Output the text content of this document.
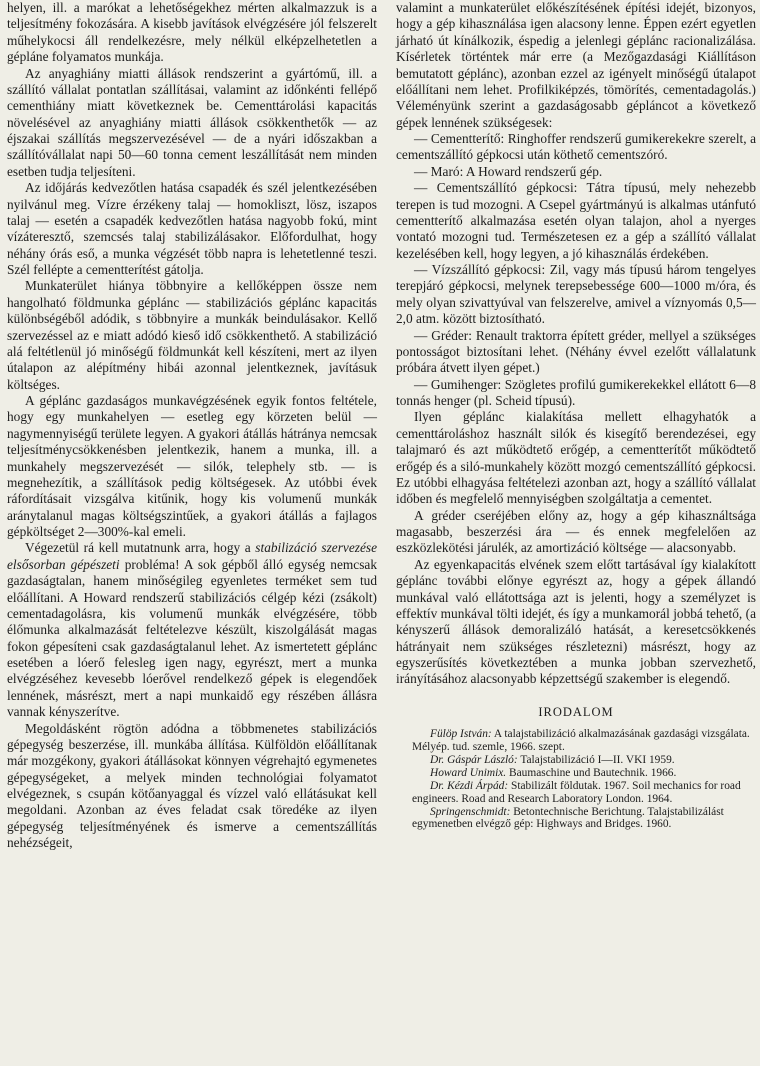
helyen, ill. a marókat a lehetőségekhez mérten alkalmazzuk is a teljesítmény fokozására. A kisebb javítások elvégzésére jól felszerelt műhelykocsi áll rendelkezésre, mely nélkül elképzelhetetlen a gépláne folyamatos munkája.

Az anyaghiány miatti állások rendszerint a gyártómű, ill. a szállító vállalat pontatlan szállításai, valamint az időnkénti fellépő cementhiány miatt következnek be. Cementtárolási kapacitás növelésével az anyaghiány miatti állások csökkenthetők — az éjszakai szállítás megszervezésével — de a nyári időszakban a szállítóvállalat napi 50—60 tonna cement leszállítását nem minden esetben tudja teljesíteni.

Az időjárás kedvezőtlen hatása csapadék és szél jelentkezésében nyilvánul meg. Vízre érzékeny talaj — homokliszt, lösz, iszapos talaj — esetén a csapadék kedvezőtlen hatása nagyobb fokú, mint vízáteresztő, szemcsés talaj stabilizálásakor. Előfordulhat, hogy néhány órás eső, a munka végzését több napra is lehetetlenné teszi. Szél fellépte a cementterítést gátolja.

Munkaterület hiánya többnyire a kellőképpen össze nem hangolható földmunka géplánc — stabilizációs géplánc kapacitás különbségéből adódik, s többnyire a munkák beindulásakor. Kellő szervezéssel az e miatt adódó kieső idő csökkenthető. A stabilizáció alá feltétlenül jó minőségű földmunkát kell készíteni, mert az ilyen útalapon az alépítmény hibái azonnal jelentkeznek, javításuk költséges.

A géplánc gazdaságos munkavégzésének egyik fontos feltétele, hogy egy munkahelyen — esetleg egy körzeten belül — nagymennyiségű területe legyen. A gyakori átállás hátránya nemcsak teljesítménycsökkenésben jelentkezik, hanem a munka, ill. a munkahely megszervezését — silók, telephely stb. — is megnehezítik, a szállítások pedig költségesek. Az utóbbi évek ráfordításait vizsgálva kitűnik, hogy kis volumenű munkák aránytalanul magas költségszintűek, a gyakori átállás a fajlagos gépköltséget 2—300%-kal emeli.

Végezetül rá kell mutatnunk arra, hogy a stabilizáció szervezése elsősorban gépészeti probléma! A sok gépből álló egység nemcsak gazdaságtalan, hanem minőségileg egyenletes terméket sem tud előállítani. A Howard rendszerű stabilizációs célgép kézi (zsákolt) cementadagolásra, kis volumenű munkák elvégzésére, több élőmunka alkalmazását feltételezve készült, kiszolgálását magas fokon gépesíteni csak gazdaságtalanul lehet. Az ismertetett géplánc esetében a lóerő felesleg igen nagy, egyrészt, mert a munka elvégzéséhez kevesebb lóerővel rendelkező gépek is elegendőek lennének, másrészt, mert a napi munkaidő egy részében állásra vannak kényszerítve.

Megoldásként rögtön adódna a többmenetes stabilizációs gépegység beszerzése, ill. munkába állítása. Külföldön előállítanak már mozgékony, gyakori átállásokat könnyen végrehajtó egymenetes gépegységeket, a melyek minden technológiai folyamatot elvégeznek, s csupán kötőanyaggal és vízzel való ellátásukat kell megoldani. Azonban az éves feladat csak töredéke az ilyen gépegység teljesítményének és ismerve a cementszállítás nehézségeit,

valamint a munkaterület előkészítésének építési idejét, bizonyos, hogy a gép kihasználása igen alacsony lenne. Éppen ezért egyetlen járható út kínálkozik, éspedig a jelenlegi géplánc racionalizálása. Kísérletek történtek már erre (a Mezőgazdasági Kiállításon bemutatott géplánc), azonban ezzel az igényelt minőségű útalapot előállítani nem lehet. Profilkiképzés, tömörítés, cementadagolás.) Véleményünk szerint a gazdaságosabb gépláncot a következő gépek lennének szükségesek:

— Cementterítő: Ringhoffer rendszerű gumikerekekre szerelt, a cementszállító gépkocsi után köthető cementszóró.

— Maró: A Howard rendszerű gép.

— Cementszállító gépkocsi: Tátra típusú, mely nehezebb terepen is tud mozogni. A Csepel gyártmányú is alkalmas utánfutó cementterítő alkalmazása esetén olyan talajon, ahol a nyerges vontató mozogni tud. Természetesen ez a gép a szállító vállalat kezelésében kell, hogy legyen, a jó kihasználás érdekében.

— Vízszállító gépkocsi: Zil, vagy más típusú három tengelyes terepjáró gépkocsi, melynek terepsebessége 600—1000 m/óra, és mely olyan szivattyúval van felszerelve, amivel a víznyomás 0,5—2,0 atm. között biztosítható.

— Gréder: Renault traktorra épített gréder, mellyel a szükséges pontosságot biztosítani lehet. (Néhány évvel ezelőtt vállalatunk próbára átvett ilyen gépet.)

— Gumihenger: Szögletes profilú gumikerekekkel ellátott 6—8 tonnás henger (pl. Scheid típusú).

Ilyen géplánc kialakítása mellett elhagyhatók a cementtároláshoz használt silók és kisegítő berendezései, egy talajmaró és azt működtető erőgép, a cementterítőt működtető erőgép és a siló-munkahely között mozgó cementszállító gépkocsi. Ez utóbbi elhagyása feltételezi azonban azt, hogy a szállító vállalat időben és megfelelő mennyiségben szolgáltatja a cementet.

A gréder cseréjében előny az, hogy a gép kihasználtsága magasabb, beszerzési ára — és ennek megfelelően az eszközlekötési járulék, az amortizáció költsége — alacsonyabb.

Az egyenkapacitás elvének szem előtt tartásával így kialakított géplánc további előnye egyrészt az, hogy a gépek állandó munkával való ellátottsága azt is jelenti, hogy a személyzet is effektív munkával tölti idejét, és így a munkamorál jobbá tehető, (a kényszerű állások demoralizáló hatását, a keresetcsökkenés hátrányait nem szükséges részletezni) másrészt, hogy az egyszerűsítés következtében a munka jobban szervezhető, irányításához alacsonyabb képzettségű szakember is elegendő.

IRODALOM

Fülöp István: A talajstabilizáció alkalmazásának gazdasági vizsgálata. Mélyép. tud. szemle, 1966. szept.

Dr. Gáspár László: Talajstabilizáció I—II. VKI 1959.

Howard Unimix. Baumaschine und Bautechnik. 1966.

Dr. Kézdi Árpád: Stabilizált földutak. 1967. Soil mechanics for road engineers. Road and Research Laboratory London. 1964.

Springenschmidt: Betontechnische Berichtung. Talajstabilizálást egymenetben elvégző gép: Highways and Bridges. 1960.
